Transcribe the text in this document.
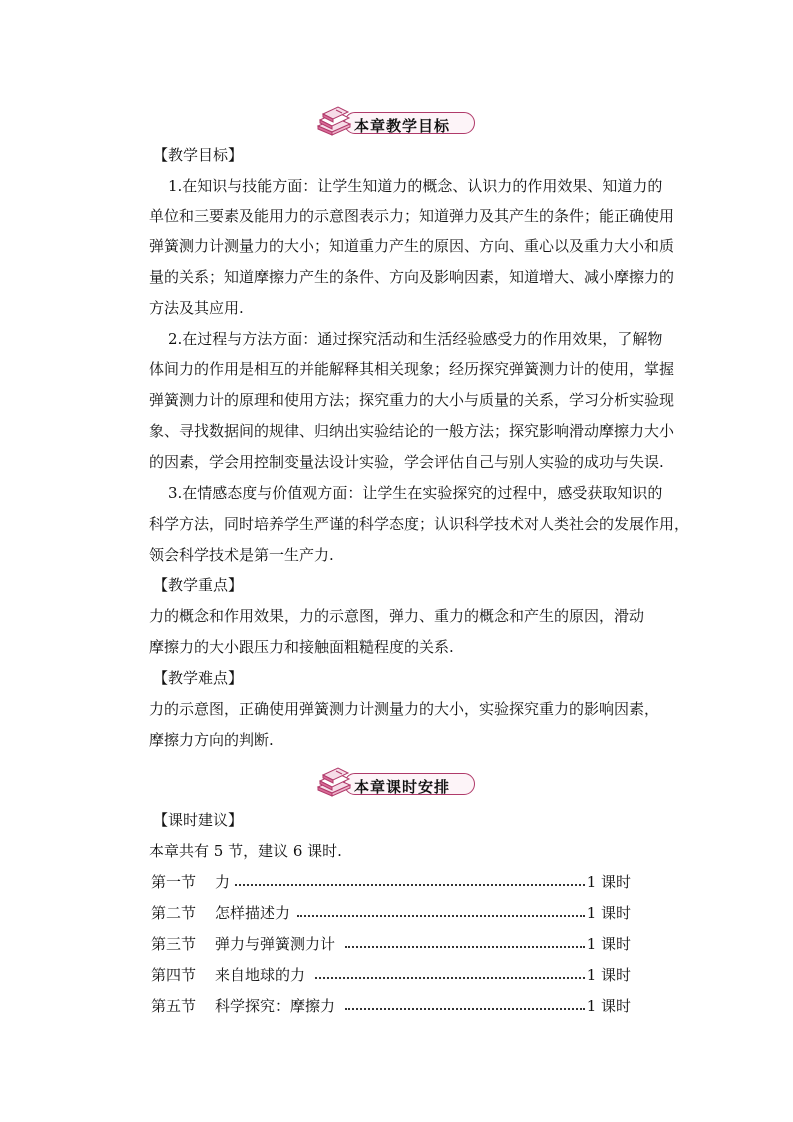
本章教学目标
【教学目标】
1.在知识与技能方面：让学生知道力的概念、认识力的作用效果、知道力的
单位和三要素及能用力的示意图表示力；知道弹力及其产生的条件；能正确使用
弹簧测力计测量力的大小；知道重力产生的原因、方向、重心以及重力大小和质
量的关系；知道摩擦力产生的条件、方向及影响因素，知道增大、减小摩擦力的
方法及其应用.
2.在过程与方法方面：通过探究活动和生活经验感受力的作用效果，了解物
体间力的作用是相互的并能解释其相关现象；经历探究弹簧测力计的使用，掌握
弹簧测力计的原理和使用方法；探究重力的大小与质量的关系，学习分析实验现
象、寻找数据间的规律、归纳出实验结论的一般方法；探究影响滑动摩擦力大小
的因素，学会用控制变量法设计实验，学会评估自己与别人实验的成功与失误.
3.在情感态度与价值观方面：让学生在实验探究的过程中，感受获取知识的
科学方法，同时培养学生严谨的科学态度；认识科学技术对人类社会的发展作用，
领会科学技术是第一生产力.
【教学重点】
力的概念和作用效果，力的示意图，弹力、重力的概念和产生的原因，滑动
摩擦力的大小跟压力和接触面粗糙程度的关系.
【教学难点】
力的示意图，正确使用弹簧测力计测量力的大小，实验探究重力的影响因素，
摩擦力方向的判断.
本章课时安排
【课时建议】
本章共有 5 节，建议 6 课时.
第一节 力	1 课时
第二节 怎样描述力	1 课时
第三节 弹力与弹簧测力计	1 课时
第四节 来自地球的力	1 课时
第五节 科学探究：摩擦力	1 课时
